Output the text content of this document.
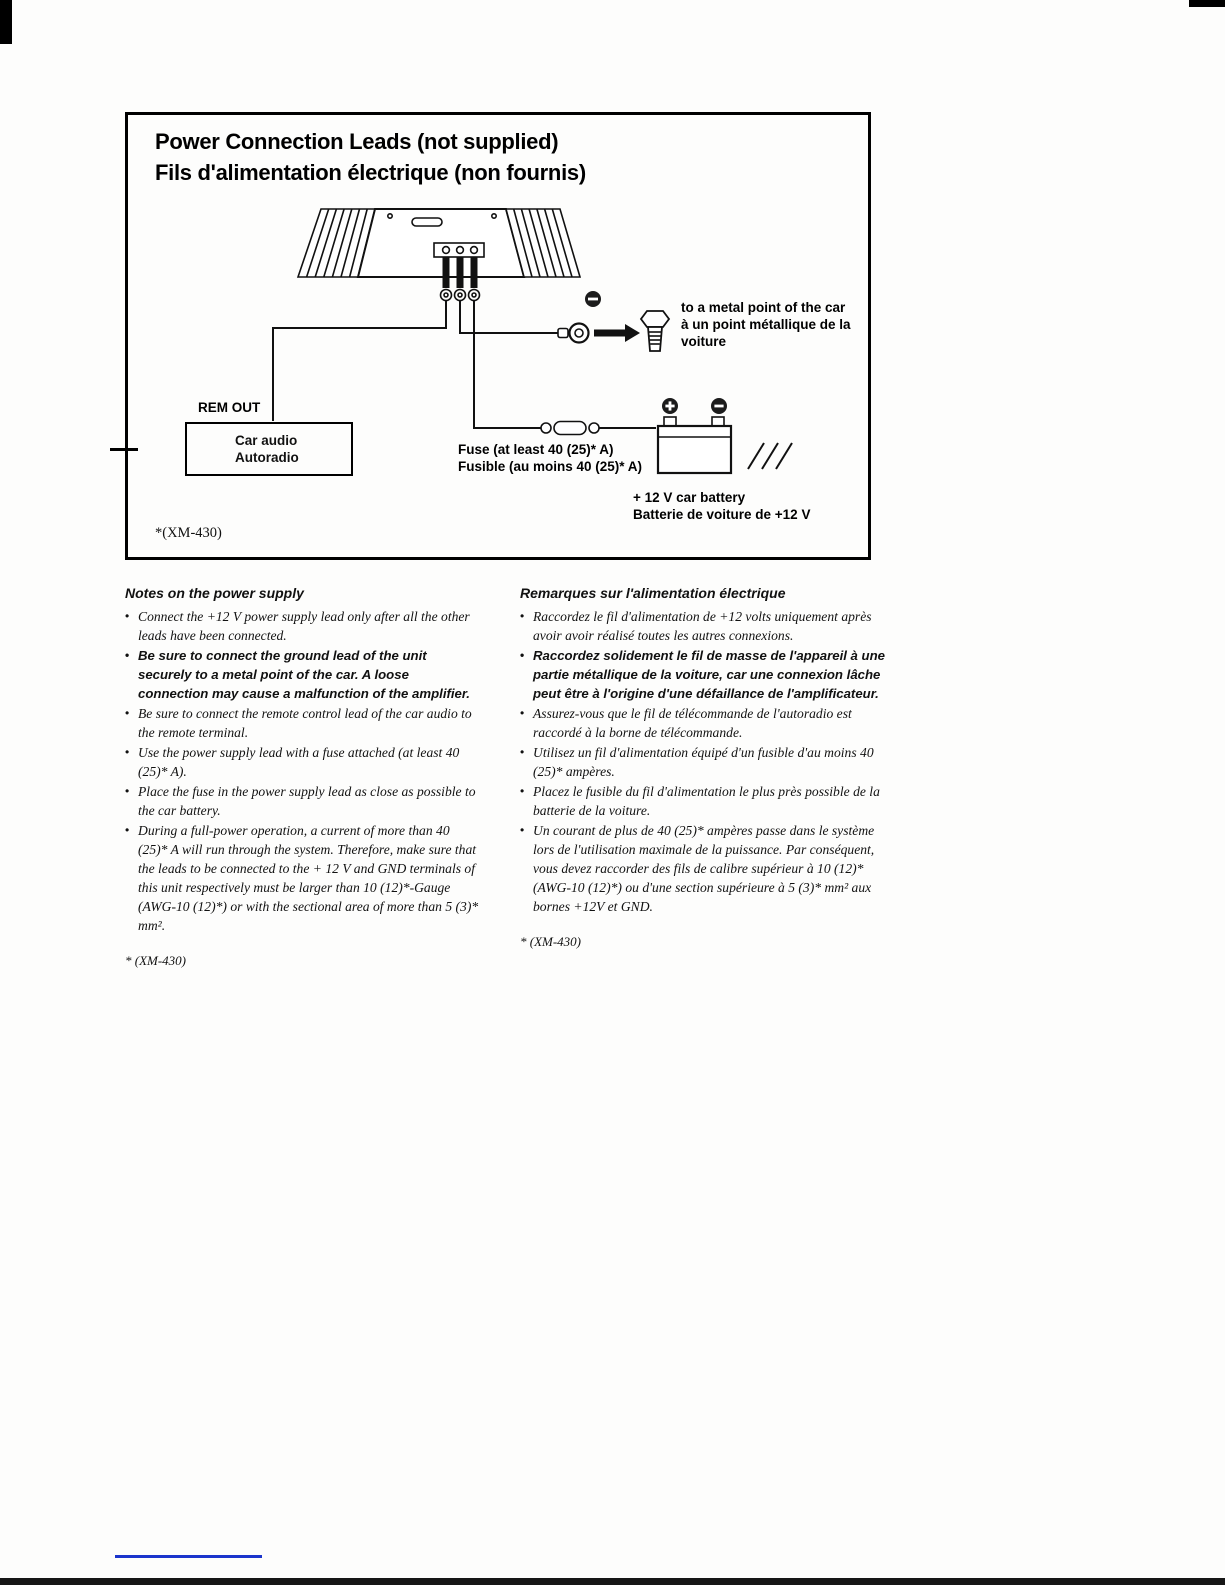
Power Connection Leads (not supplied)
Fils d'alimentation électrique (non fournis)
REM OUT
Car audio
Autoradio
to a metal point of the car
à un point métallique de la
voiture
Fuse (at least 40 (25)* A)
Fusible (au moins 40 (25)* A)
+ 12 V car battery
Batterie de voiture de +12 V
*(XM-430)
Notes on the power supply
• Connect the +12 V power supply lead only after all the other leads have been connected.
• Be sure to connect the ground lead of the unit securely to a metal point of the car. A loose connection may cause a malfunction of the amplifier.
• Be sure to connect the remote control lead of the car audio to the remote terminal.
• Use the power supply lead with a fuse attached (at least 40 (25)* A).
• Place the fuse in the power supply lead as close as possible to the car battery.
• During a full-power operation, a current of more than 40 (25)* A will run through the system. Therefore, make sure that the leads to be connected to the + 12 V and GND terminals of this unit respectively must be larger than 10 (12)*-Gauge (AWG-10 (12)*) or with the sectional area of more than 5 (3)* mm².
* (XM-430)
Remarques sur l'alimentation électrique
• Raccordez le fil d'alimentation de +12 volts uniquement après avoir avoir réalisé toutes les autres connexions.
• Raccordez solidement le fil de masse de l'appareil à une partie métallique de la voiture, car une connexion lâche peut être à l'origine d'une défaillance de l'amplificateur.
• Assurez-vous que le fil de télécommande de l'autoradio est raccordé à la borne de télécommande.
• Utilisez un fil d'alimentation équipé d'un fusible d'au moins 40 (25)* ampères.
• Placez le fusible du fil d'alimentation le plus près possible de la batterie de la voiture.
• Un courant de plus de 40 (25)* ampères passe dans le système lors de l'utilisation maximale de la puissance. Par conséquent, vous devez raccorder des fils de calibre supérieur à 10 (12)* (AWG-10 (12)*) ou d'une section supérieure à 5 (3)* mm² aux bornes +12V et GND.
* (XM-430)
